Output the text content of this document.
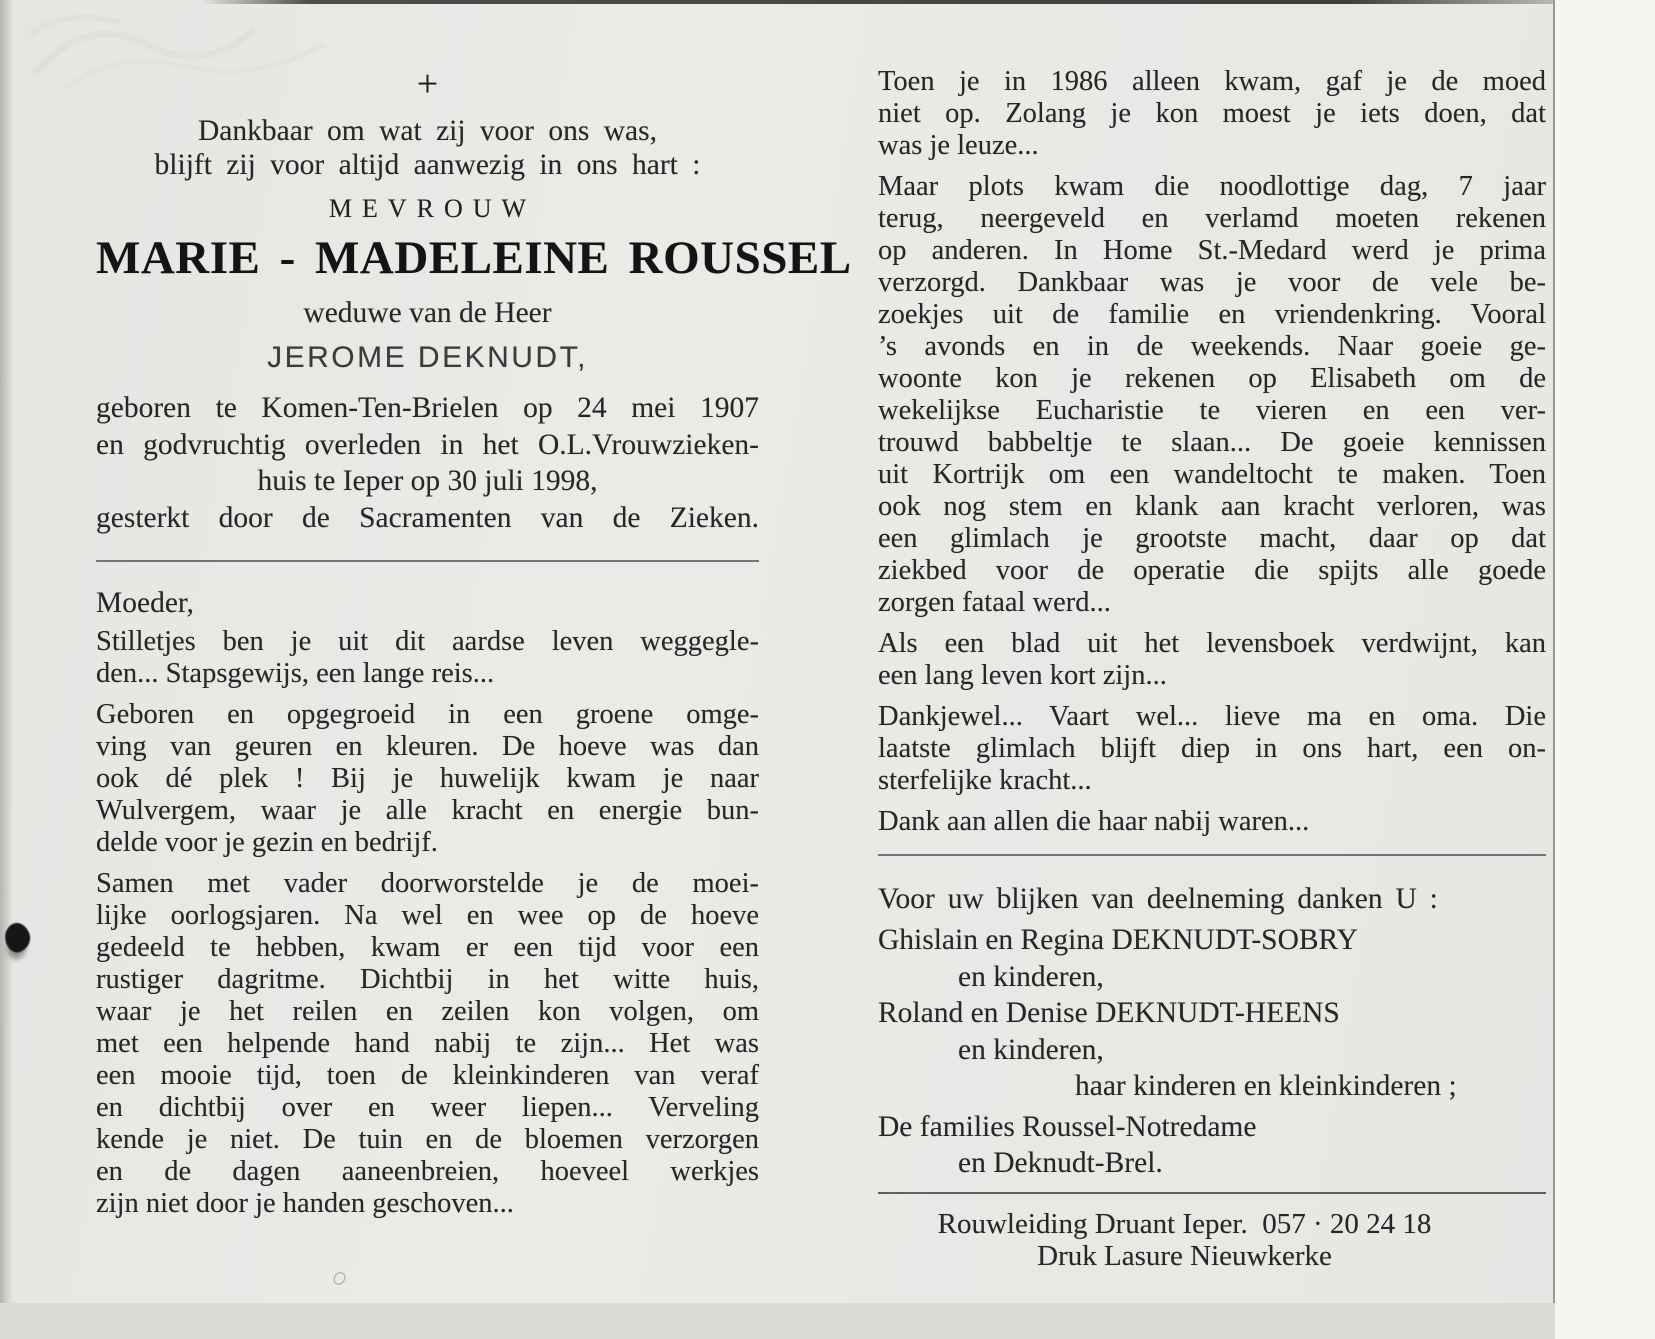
+
Dankbaar om wat zij voor ons was,
blijft zij voor altijd aanwezig in ons hart :
MEVROUW
MARIE - MADELEINE ROUSSEL
weduwe van de Heer
JEROME DEKNUDT,
geboren te Komen-Ten-Brielen op 24 mei 1907
en godvruchtig overleden in het O.L.Vrouwzieken-
huis te Ieper op 30 juli 1998,
gesterkt door de Sacramenten van de Zieken.
Moeder,
Stilletjes ben je uit dit aardse leven weggegle-
den... Stapsgewijs, een lange reis...
Geboren en opgegroeid in een groene omge-
ving van geuren en kleuren. De hoeve was dan
ook dé plek ! Bij je huwelijk kwam je naar
Wulvergem, waar je alle kracht en energie bun-
delde voor je gezin en bedrijf.
Samen met vader doorworstelde je de moei-
lijke oorlogsjaren. Na wel en wee op de hoeve
gedeeld te hebben, kwam er een tijd voor een
rustiger dagritme. Dichtbij in het witte huis,
waar je het reilen en zeilen kon volgen, om
met een helpende hand nabij te zijn... Het was
een mooie tijd, toen de kleinkinderen van veraf
en dichtbij over en weer liepen... Verveling
kende je niet. De tuin en de bloemen verzorgen
en de dagen aaneenbreien, hoeveel werkjes
zijn niet door je handen geschoven...
Toen je in 1986 alleen kwam, gaf je de moed
niet op. Zolang je kon moest je iets doen, dat
was je leuze...
Maar plots kwam die noodlottige dag, 7 jaar
terug, neergeveld en verlamd moeten rekenen
op anderen. In Home St.-Medard werd je prima
verzorgd. Dankbaar was je voor de vele be-
zoekjes uit de familie en vriendenkring. Vooral
’s avonds en in de weekends. Naar goeie ge-
woonte kon je rekenen op Elisabeth om de
wekelijkse Eucharistie te vieren en een ver-
trouwd babbeltje te slaan... De goeie kennissen
uit Kortrijk om een wandeltocht te maken. Toen
ook nog stem en klank aan kracht verloren, was
een glimlach je grootste macht, daar op dat
ziekbed voor de operatie die spijts alle goede
zorgen fataal werd...
Als een blad uit het levensboek verdwijnt, kan
een lang leven kort zijn...
Dankjewel... Vaart wel... lieve ma en oma. Die
laatste glimlach blijft diep in ons hart, een on-
sterfelijke kracht...
Dank aan allen die haar nabij waren...
Voor uw blijken van deelneming danken U :
Ghislain en Regina DEKNUDT-SOBRY
en kinderen,
Roland en Denise DEKNUDT-HEENS
en kinderen,
haar kinderen en kleinkinderen ;
De families Roussel-Notredame
en Deknudt-Brel.
Rouwleiding Druant Ieper.  057 · 20 24 18
Druk Lasure Nieuwkerke
